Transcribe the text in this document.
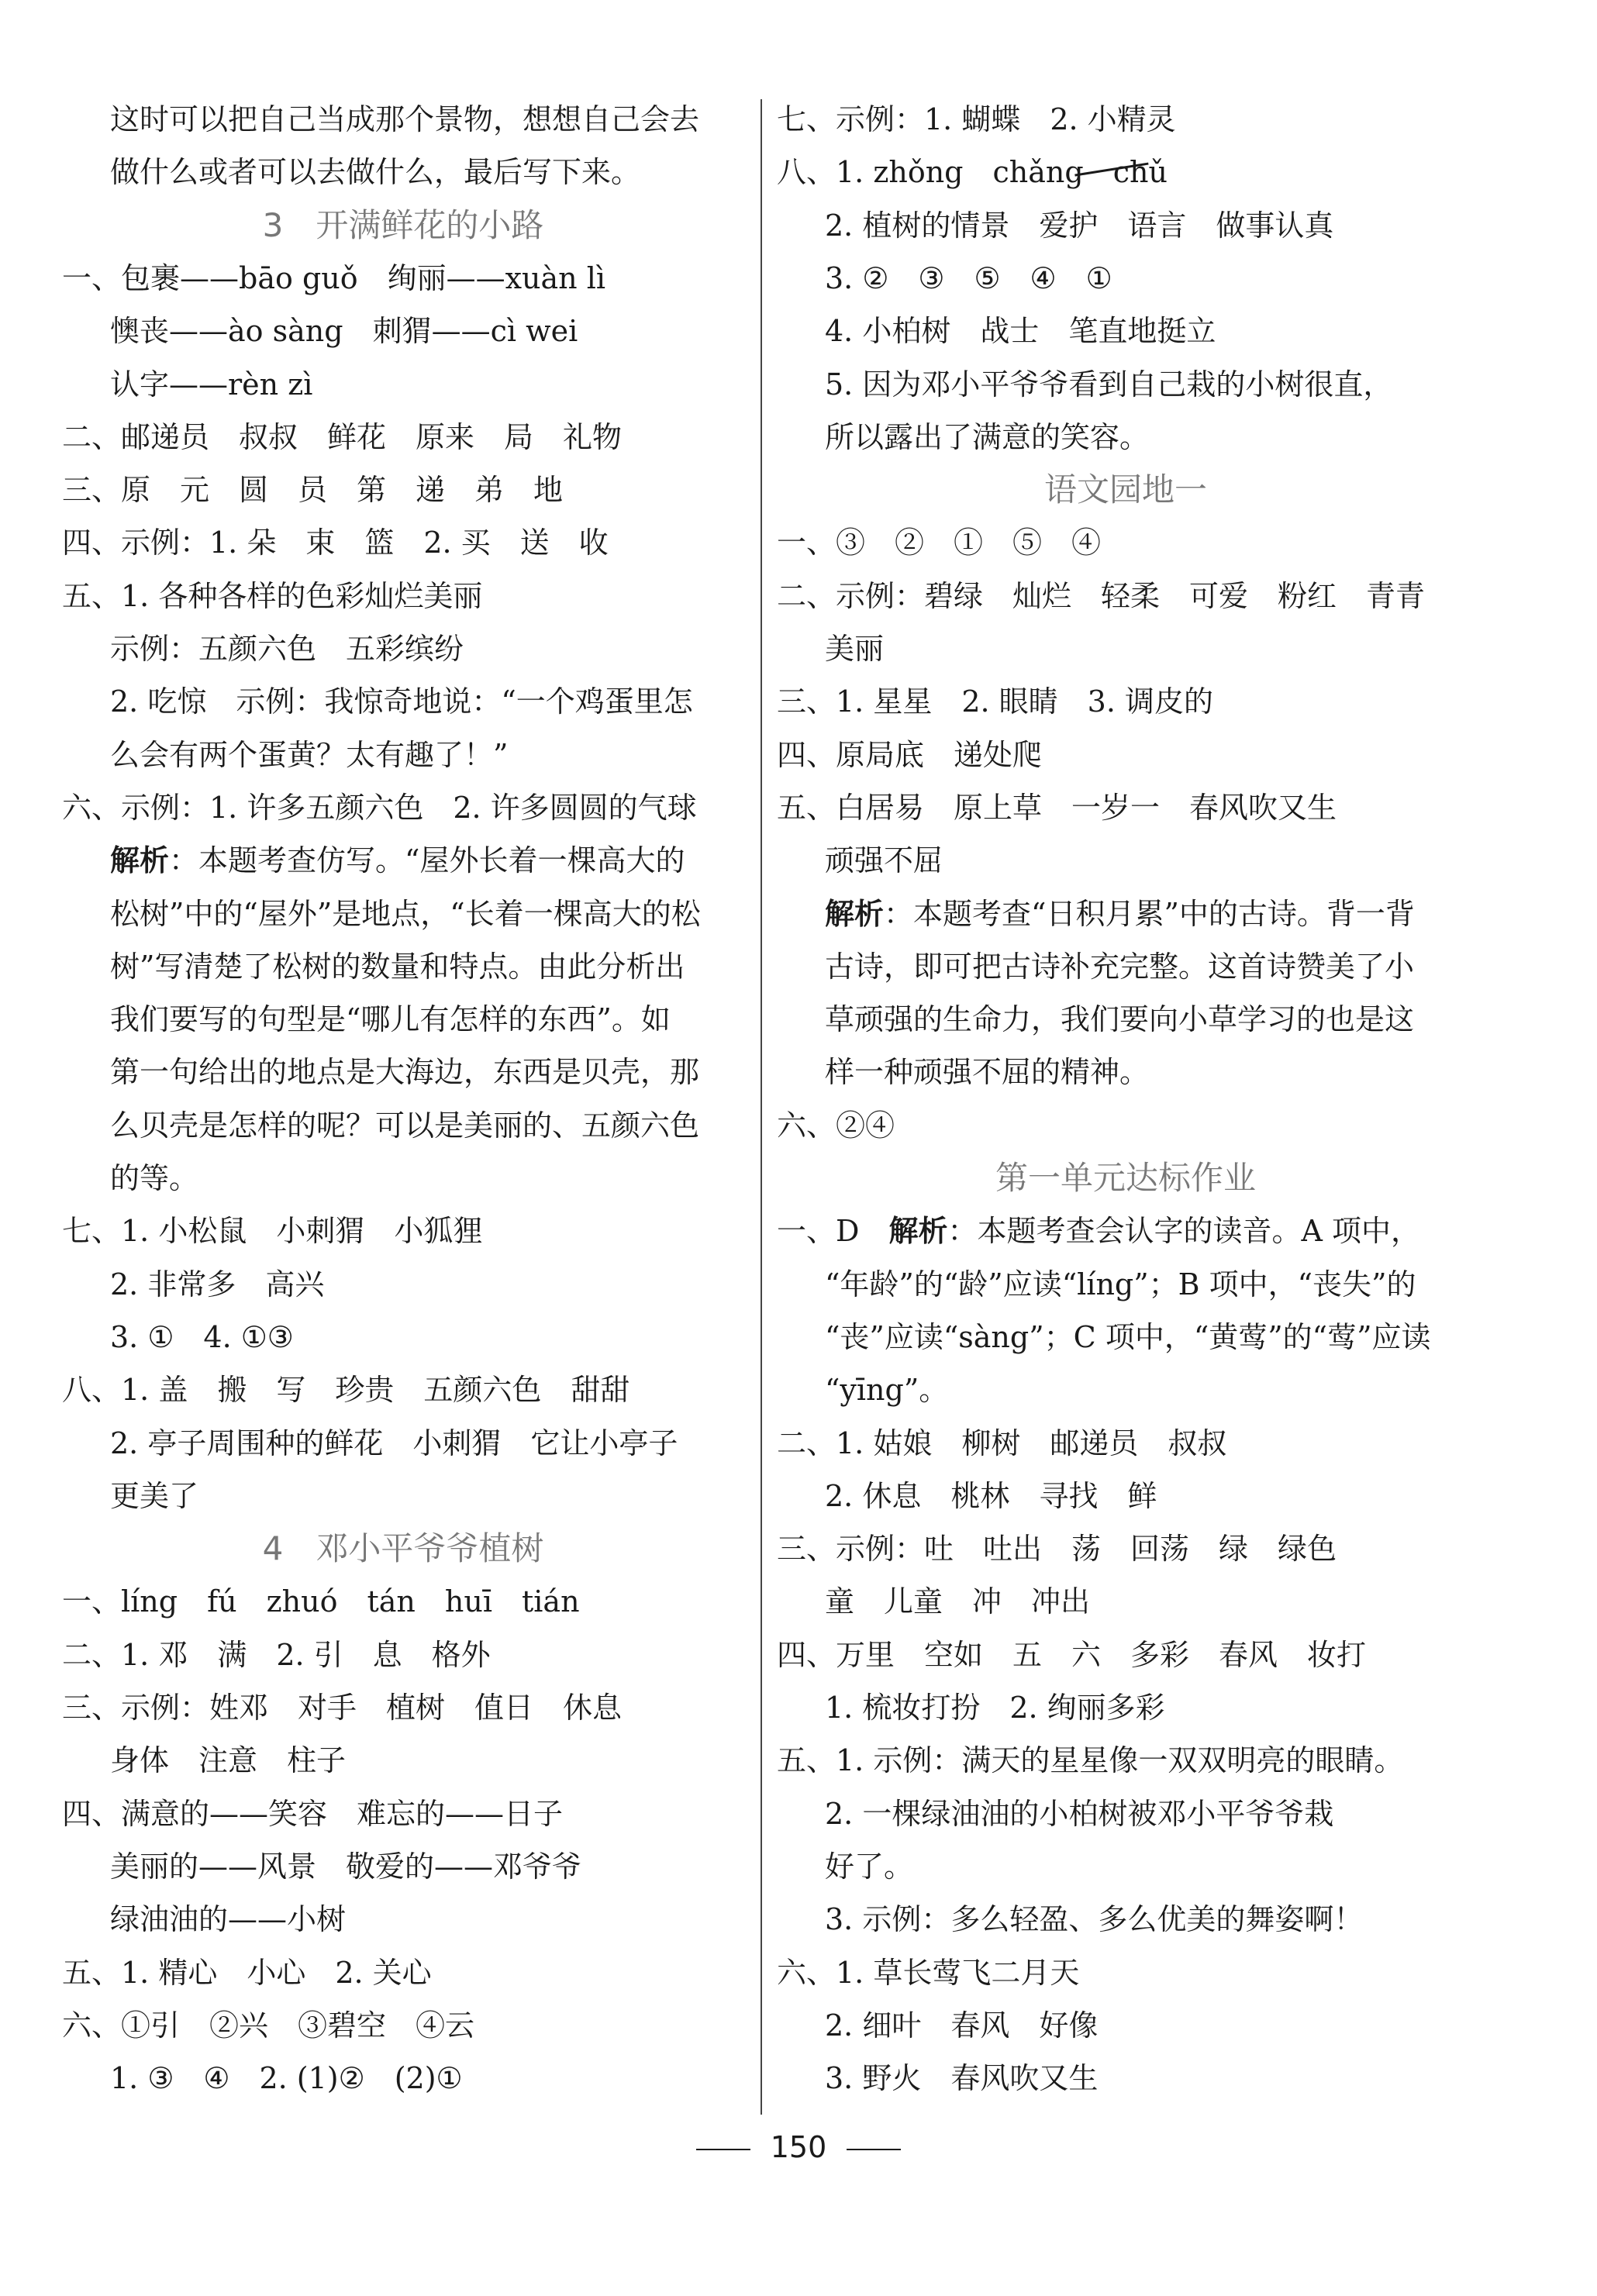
这时可以把自己当成那个景物，想想自己会去
做什么或者可以去做什么，最后写下来。
3　开满鲜花的小路
一、包裹——bāo guǒ　绚丽——xuàn lì
懊丧——ào sàng　刺猬——cì wei
认字——rèn zì
二、邮递员　叔叔　鲜花　原来　局　礼物
三、原　元　圆　员　第　递　弟　地
四、示例：1. 朵　束　篮　2. 买　送　收
五、1. 各种各样的色彩灿烂美丽
示例：五颜六色　五彩缤纷
2. 吃惊　示例：我惊奇地说：“一个鸡蛋里怎
么会有两个蛋黄？太有趣了！”
六、示例：1. 许多五颜六色　2. 许多圆圆的气球
解析：本题考查仿写。“屋外长着一棵高大的
松树”中的“屋外”是地点，“长着一棵高大的松
树”写清楚了松树的数量和特点。由此分析出
我们要写的句型是“哪儿有怎样的东西”。如
第一句给出的地点是大海边，东西是贝壳，那
么贝壳是怎样的呢？可以是美丽的、五颜六色
的等。
七、1. 小松鼠　小刺猬　小狐狸
2. 非常多　高兴
3. ①　4. ①③
八、1. 盖　搬　写　珍贵　五颜六色　甜甜
2. 亭子周围种的鲜花　小刺猬　它让小亭子
更美了
4　邓小平爷爷植树
一、líng　fú　zhuó　tán　huī　tián
二、1. 邓　满　2. 引　息　格外
三、示例：姓邓　对手　植树　值日　休息
身体　注意　柱子
四、满意的——笑容　难忘的——日子
美丽的——风景　敬爱的——邓爷爷
绿油油的——小树
五、1. 精心　小心　2. 关心
六、①引　②兴　③碧空　④云
1. ③　④　2. (1)②　(2)①
七、示例：1. 蝴蝶　2. 小精灵
八、1. zhǒng　chǎng　chǔ
2. 植树的情景　爱护　语言　做事认真
3. ②　③　⑤　④　①
4. 小柏树　战士　笔直地挺立
5. 因为邓小平爷爷看到自己栽的小树很直，
所以露出了满意的笑容。
语文园地一
一、③　②　①　⑤　④
二、示例：碧绿　灿烂　轻柔　可爱　粉红　青青
美丽
三、1. 星星　2. 眼睛　3. 调皮的
四、原局底　递处爬
五、白居易　原上草　一岁一　春风吹又生
顽强不屈
解析：本题考查“日积月累”中的古诗。背一背
古诗，即可把古诗补充完整。这首诗赞美了小
草顽强的生命力，我们要向小草学习的也是这
样一种顽强不屈的精神。
六、②④
第一单元达标作业
一、D　解析：本题考查会认字的读音。A 项中，
“年龄”的“龄”应读“líng”；B 项中，“丧失”的
“丧”应读“sàng”；C 项中，“黄莺”的“莺”应读
“yīng”。
二、1. 姑娘　柳树　邮递员　叔叔
2. 休息　桃林　寻找　鲜
三、示例：吐　吐出　荡　回荡　绿　绿色
童　儿童　冲　冲出
四、万里　空如　五　六　多彩　春风　妆打
1. 梳妆打扮　2. 绚丽多彩
五、1. 示例：满天的星星像一双双明亮的眼睛。
2. 一棵绿油油的小柏树被邓小平爷爷栽
好了。
3. 示例：多么轻盈、多么优美的舞姿啊！
六、1. 草长莺飞二月天
2. 细叶　春风　好像
3. 野火　春风吹又生
150
